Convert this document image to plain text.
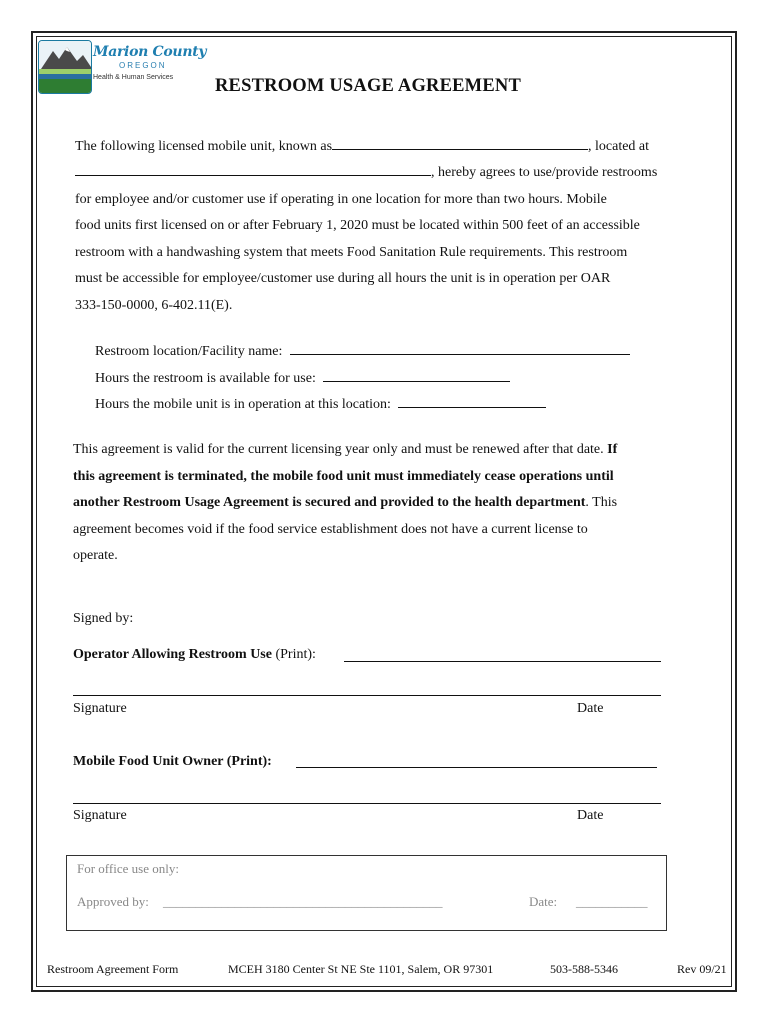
Marion County
OREGON
Health & Human Services RESTROOM USAGE AGREEMENT
The following licensed mobile unit, known as	, located at
, hereby agrees to use/provide restrooms
for employee and/or customer use if operating in one location for more than two hours. Mobile
food units first licensed on or after February 1, 2020 must be located within 500 feet of an accessible
restroom with a handwashing system that meets Food Sanitation Rule requirements. This restroom
must be accessible for employee/customer use during all hours the unit is in operation per OAR
333-150-0000, 6-402.11(E).
Restroom location/Facility name:
Hours the restroom is available for use:
Hours the mobile unit is in operation at this location:
This agreement is valid for the current licensing year only and must be renewed after that date. If
this agreement is terminated, the mobile food unit must immediately cease operations until
another Restroom Usage Agreement is secured and provided to the health department. This
agreement becomes void if the food service establishment does not have a current license to
operate.
Signed by:
Operator Allowing Restroom Use (Print):
Signature	Date
Mobile Food Unit Owner (Print):
Signature	Date
For office use only:
Approved by: ___________________________________________	Date: ___________
Restroom Agreement Form	MCEH 3180 Center St NE Ste 1101, Salem, OR 97301	503-588-5346	Rev 09/21
